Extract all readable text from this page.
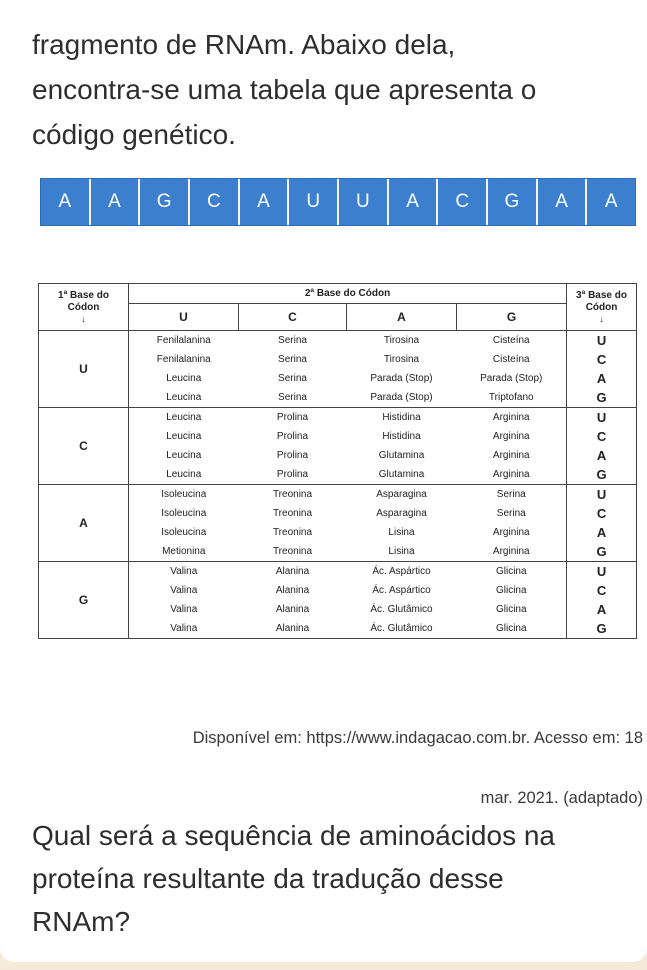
fragmento de RNAm. Abaixo dela,
encontra-se uma tabela que apresenta o
código genético.

A	A	G	C	A	U	U	A	C	G	A	A
1ª Base do
Códon
↓	2ª Base do Códon				3ª Base do
Códon
↓

	U	C	A	G	
U	Fenilalanina	Serina	Tirosina	Cisteína	U
	Fenilalanina	Serina	Tirosina	Cisteína	C
	Leucina	Serina	Parada (Stop)	Parada (Stop)	A
	Leucina	Serina	Parada (Stop)	Triptofano	G
C	Leucina	Prolina	Histidina	Arginina	U
	Leucina	Prolina	Histidina	Arginina	C
	Leucina	Prolina	Glutamina	Arginina	A
	Leucina	Prolina	Glutamina	Arginina	G
A	Isoleucina	Treonina	Asparagina	Serina	U
	Isoleucina	Treonina	Asparagina	Serina	C
	Isoleucina	Treonina	Lisina	Arginina	A
	Metionina	Treonina	Lisina	Arginina	G
G	Valina	Alanina	Ác. Aspártico	Glicina	U
	Valina	Alanina	Ác. Aspártico	Glicina	C
	Valina	Alanina	Ác. Glutâmico	Glicina	A
	Valina	Alanina	Ác. Glutâmico	Glicina	G

Disponível em: https://www.indagacao.com.br. Acesso em: 18
mar. 2021. (adaptado)

Qual será a sequência de aminoácidos na
proteína resultante da tradução desse
RNAm?
